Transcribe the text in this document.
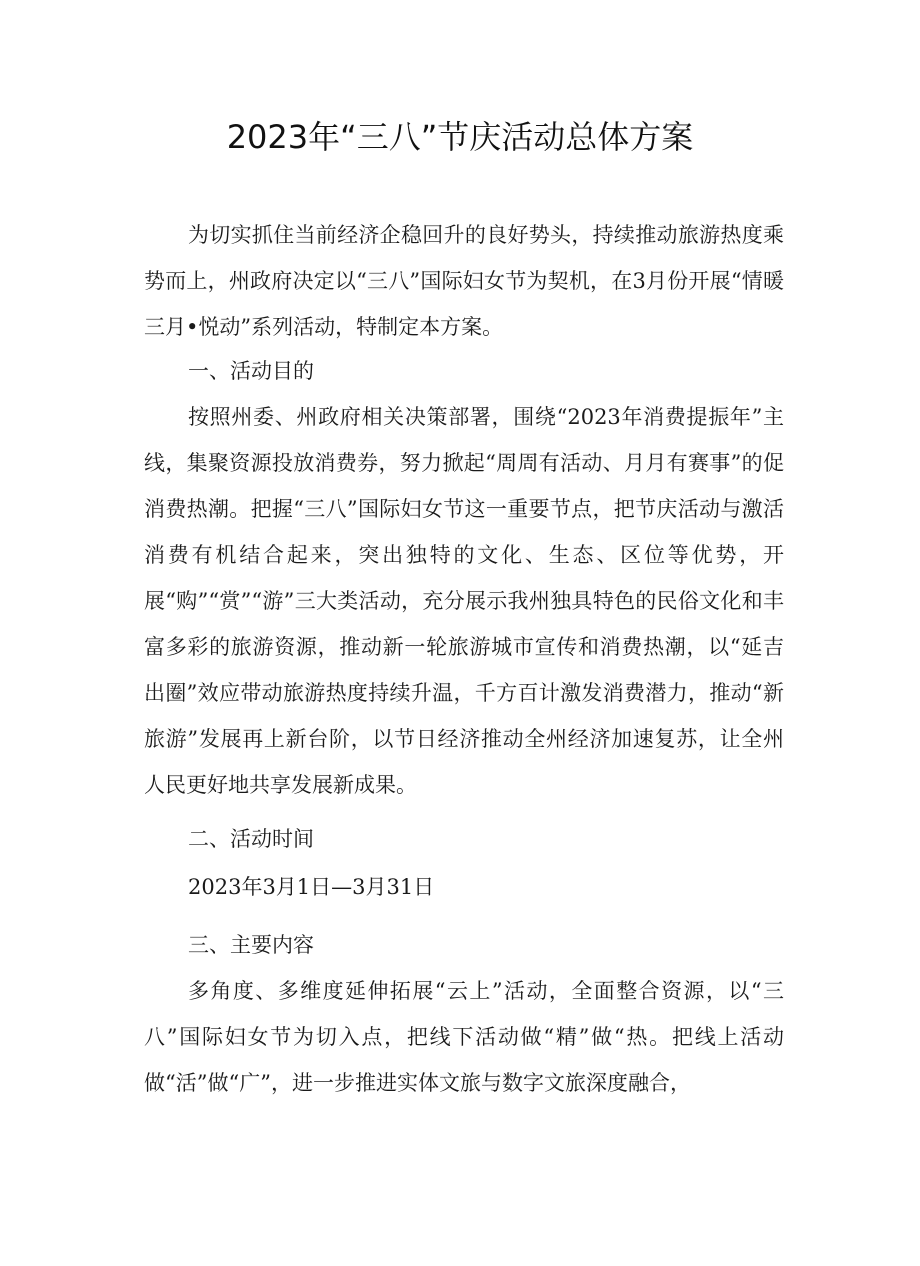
2023年“三八”节庆活动总体方案

为切实抓住当前经济企稳回升的良好势头，持续推动旅游热度乘势而上，州政府决定以“三八”国际妇女节为契机，在3月份开展“情暖三月•悦动”系列活动，特制定本方案。

一、活动目的

按照州委、州政府相关决策部署，围绕“2023年消费提振年”主线，集聚资源投放消费券，努力掀起“周周有活动、月月有赛事”的促消费热潮。把握“三八”国际妇女节这一重要节点，把节庆活动与激活消费有机结合起来，突出独特的文化、生态、区位等优势，开展“购”“赏”“游”三大类活动，充分展示我州独具特色的民俗文化和丰富多彩的旅游资源，推动新一轮旅游城市宣传和消费热潮，以“延吉出圈”效应带动旅游热度持续升温，千方百计激发消费潜力，推动“新旅游”发展再上新台阶，以节日经济推动全州经济加速复苏，让全州人民更好地共享发展新成果。

二、活动时间

2023年3月1日—3月31日

三、主要内容

多角度、多维度延伸拓展“云上”活动，全面整合资源，以“三八”国际妇女节为切入点，把线下活动做“精”做“热。把线上活动做“活”做“广”，进一步推进实体文旅与数字文旅深度融合，
